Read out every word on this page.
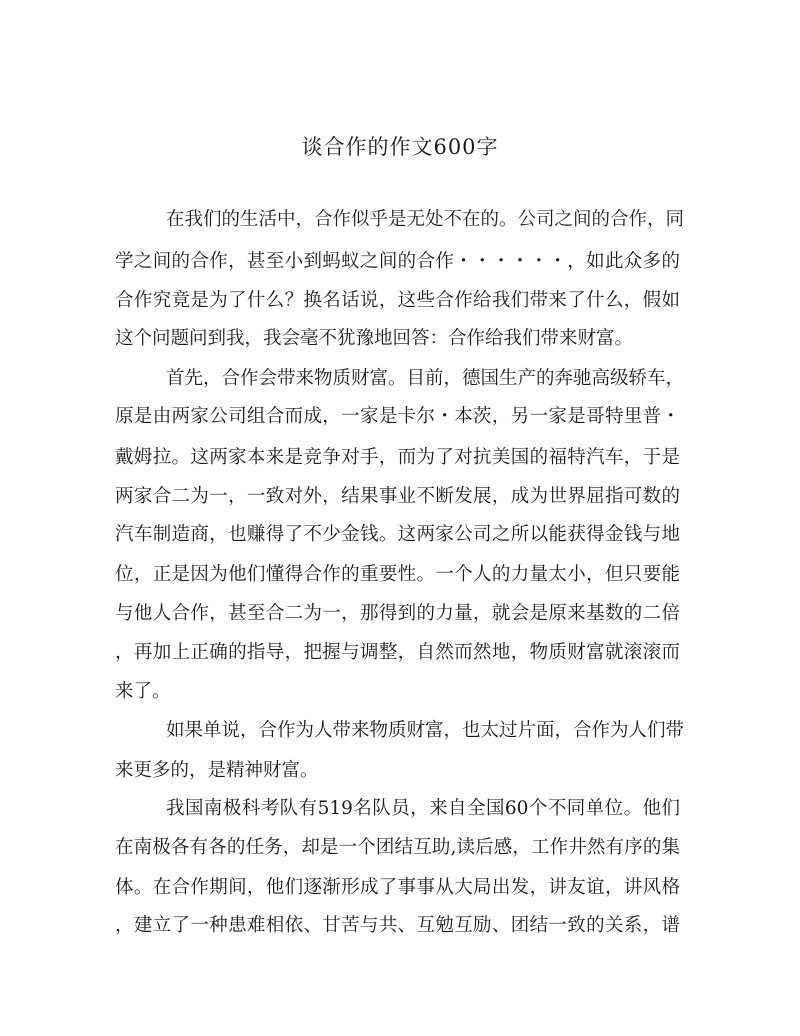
谈合作的作文600字
在我们的生活中，合作似乎是无处不在的。公司之间的合作，同
学之间的合作，甚至小到蚂蚁之间的合作・・・・・・，如此众多的
合作究竟是为了什么？换名话说，这些合作给我们带来了什么，假如
这个问题问到我，我会毫不犹豫地回答：合作给我们带来财富。
首先，合作会带来物质财富。目前，德国生产的奔驰高级轿车，
原是由两家公司组合而成，一家是卡尔・本茨，另一家是哥特里普・
戴姆拉。这两家本来是竞争对手，而为了对抗美国的福特汽车，于是
两家合二为一，一致对外，结果事业不断发展，成为世界屈指可数的
汽车制造商，也赚得了不少金钱。这两家公司之所以能获得金钱与地
位，正是因为他们懂得合作的重要性。一个人的力量太小，但只要能
与他人合作，甚至合二为一，那得到的力量，就会是原来基数的二倍
，再加上正确的指导，把握与调整，自然而然地，物质财富就滚滚而
来了。
如果单说，合作为人带来物质财富，也太过片面，合作为人们带
来更多的，是精神财富。
我国南极科考队有519名队员，来自全国60个不同单位。他们
在南极各有各的任务，却是一个团结互助,读后感，工作井然有序的集
体。在合作期间，他们逐渐形成了事事从大局出发，讲友谊，讲风格
，建立了一种患难相依、甘苦与共、互勉互励、团结一致的关系，谱
